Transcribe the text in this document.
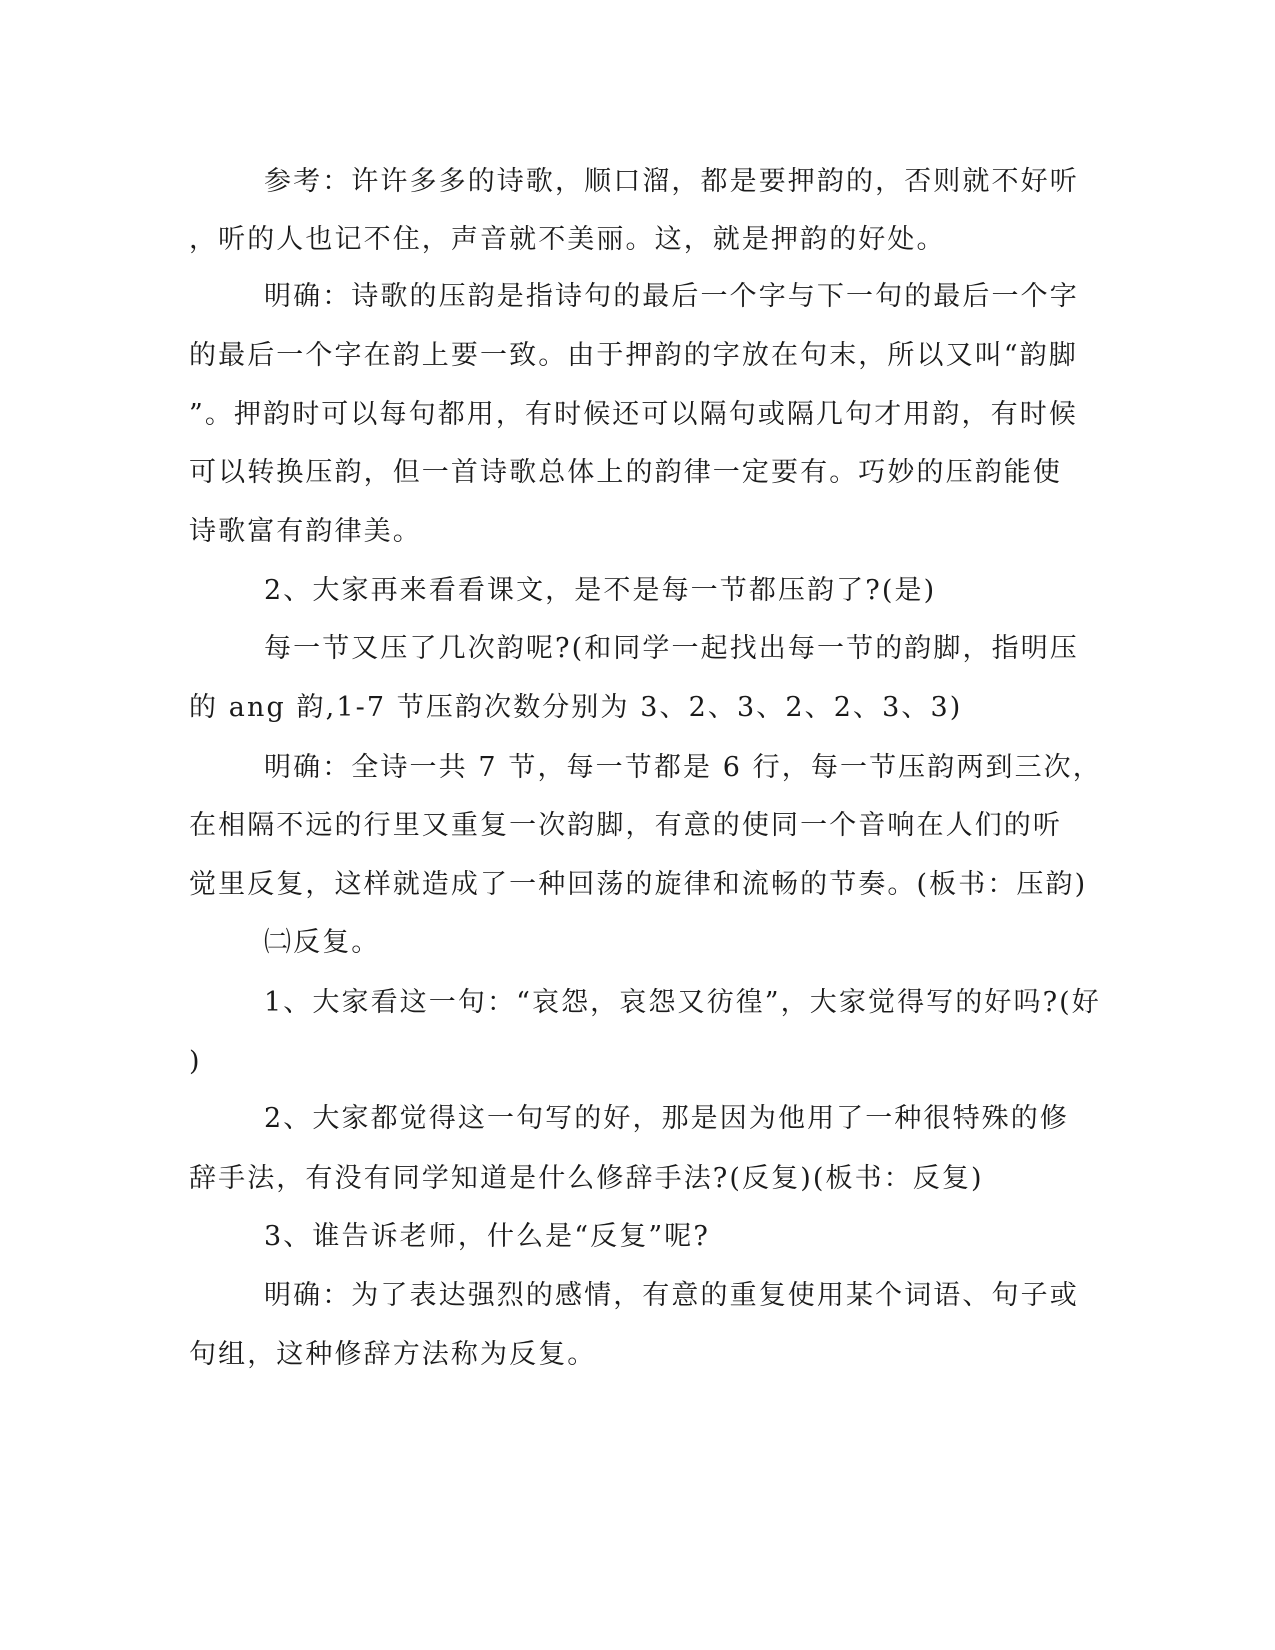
参考：许许多多的诗歌，顺口溜，都是要押韵的，否则就不好听
，听的人也记不住，声音就不美丽。这，就是押韵的好处。
明确：诗歌的压韵是指诗句的最后一个字与下一句的最后一个字
的最后一个字在韵上要一致。由于押韵的字放在句末，所以又叫“韵脚
”。押韵时可以每句都用，有时候还可以隔句或隔几句才用韵，有时候
可以转换压韵，但一首诗歌总体上的韵律一定要有。巧妙的压韵能使
诗歌富有韵律美。
2、大家再来看看课文，是不是每一节都压韵了?(是)
每一节又压了几次韵呢?(和同学一起找出每一节的韵脚，指明压
的 ang 韵,1-7 节压韵次数分别为 3、2、3、2、2、3、3)
明确：全诗一共 7 节，每一节都是 6 行，每一节压韵两到三次，
在相隔不远的行里又重复一次韵脚，有意的使同一个音响在人们的听
觉里反复，这样就造成了一种回荡的旋律和流畅的节奏。(板书：压韵)
㈡反复。
1、大家看这一句：“哀怨，哀怨又彷徨”，大家觉得写的好吗?(好
)
2、大家都觉得这一句写的好，那是因为他用了一种很特殊的修
辞手法，有没有同学知道是什么修辞手法?(反复)(板书：反复)
3、谁告诉老师，什么是“反复”呢?
明确：为了表达强烈的感情，有意的重复使用某个词语、句子或
句组，这种修辞方法称为反复。
